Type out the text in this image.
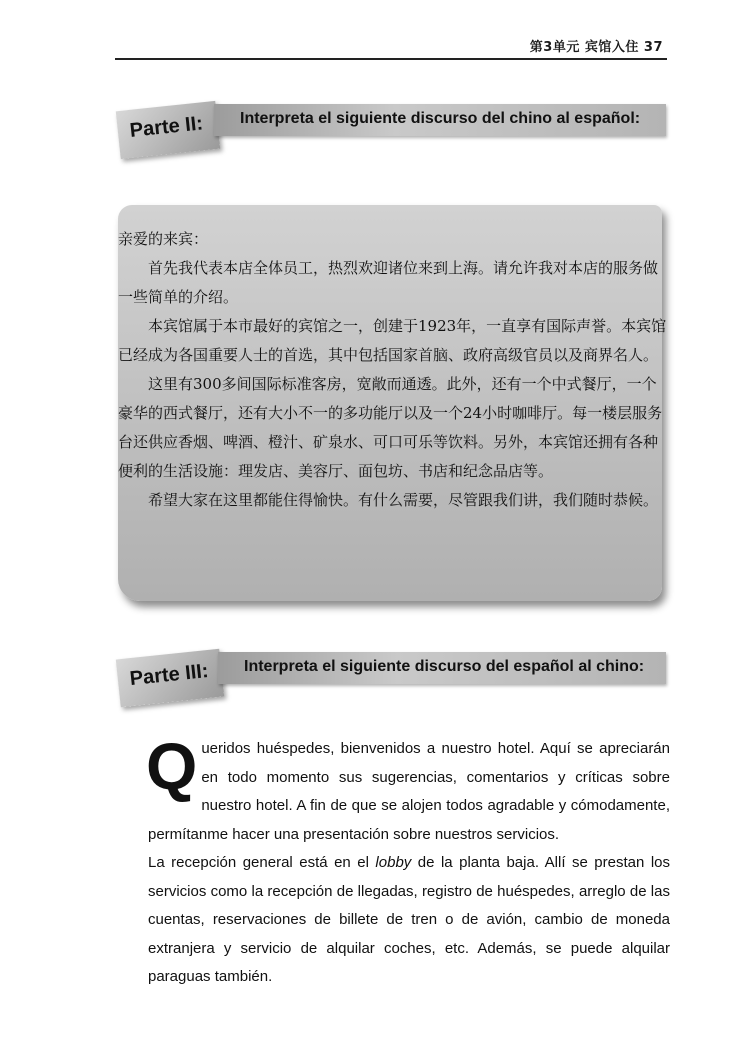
第3单元 宾馆入住 37
Parte II: Interpreta el siguiente discurso del chino al español:

亲爱的来宾：

首先我代表本店全体员工，热烈欢迎诸位来到上海。请允许我对本店的服务做一些简单的介绍。

本宾馆属于本市最好的宾馆之一，创建于1923年，一直享有国际声誉。本宾馆已经成为各国重要人士的首选，其中包括国家首脑、政府高级官员以及商界名人。

这里有300多间国际标准客房，宽敞而通透。此外，还有一个中式餐厅，一个豪华的西式餐厅，还有大小不一的多功能厅以及一个24小时咖啡厅。每一楼层服务台还供应香烟、啤酒、橙汁、矿泉水、可口可乐等饮料。另外，本宾馆还拥有各种便利的生活设施：理发店、美容厅、面包坊、书店和纪念品店等。

希望大家在这里都能住得愉快。有什么需要，尽管跟我们讲，我们随时恭候。

Parte III: Interpreta el siguiente discurso del español al chino:

Queridos huéspedes, bienvenidos a nuestro hotel. Aquí se apreciarán en todo momento sus sugerencias, comentarios y críticas sobre nuestro hotel. A fin de que se alojen todos agradable y cómodamente, permítanme hacer una presentación sobre nuestros servicios.

La recepción general está en el lobby de la planta baja. Allí se prestan los servicios como la recepción de llegadas, registro de huéspedes, arreglo de las cuentas, reservaciones de billete de tren o de avión, cambio de moneda extranjera y servicio de alquilar coches, etc. Además, se puede alquilar paraguas también.
